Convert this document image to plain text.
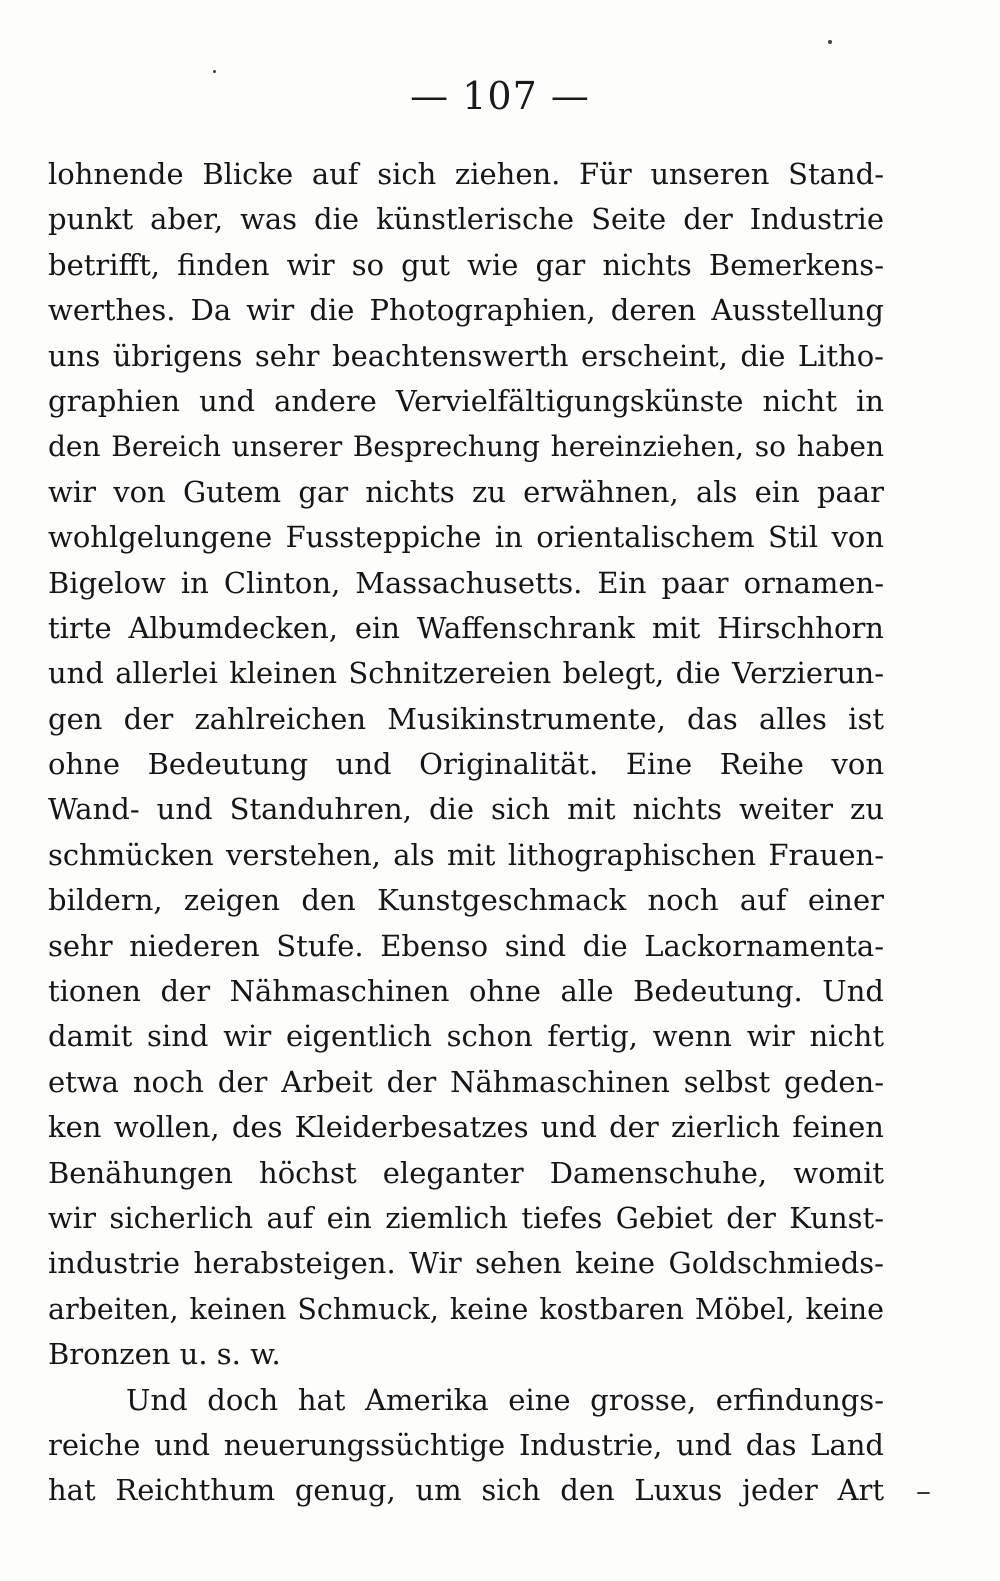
— 107 —
lohnende Blicke auf sich ziehen. Für unseren Stand-
punkt aber, was die künstlerische Seite der Industrie
betrifft, finden wir so gut wie gar nichts Bemerkens-
werthes. Da wir die Photographien, deren Ausstellung
uns übrigens sehr beachtenswerth erscheint, die Litho-
graphien und andere Vervielfältigungskünste nicht in
den Bereich unserer Besprechung hereinziehen, so haben
wir von Gutem gar nichts zu erwähnen, als ein paar
wohlgelungene Fussteppiche in orientalischem Stil von
Bigelow in Clinton, Massachusetts. Ein paar ornamen-
tirte Albumdecken, ein Waffenschrank mit Hirschhorn
und allerlei kleinen Schnitzereien belegt, die Verzierun-
gen der zahlreichen Musikinstrumente, das alles ist
ohne Bedeutung und Originalität. Eine Reihe von
Wand- und Standuhren, die sich mit nichts weiter zu
schmücken verstehen, als mit lithographischen Frauen-
bildern, zeigen den Kunstgeschmack noch auf einer
sehr niederen Stufe. Ebenso sind die Lackornamenta-
tionen der Nähmaschinen ohne alle Bedeutung. Und
damit sind wir eigentlich schon fertig, wenn wir nicht
etwa noch der Arbeit der Nähmaschinen selbst geden-
ken wollen, des Kleiderbesatzes und der zierlich feinen
Benähungen höchst eleganter Damenschuhe, womit
wir sicherlich auf ein ziemlich tiefes Gebiet der Kunst-
industrie herabsteigen. Wir sehen keine Goldschmieds-
arbeiten, keinen Schmuck, keine kostbaren Möbel, keine
Bronzen u. s. w.
Und doch hat Amerika eine grosse, erfindungs-
reiche und neuerungssüchtige Industrie, und das Land
hat Reichthum genug, um sich den Luxus jeder Art –
